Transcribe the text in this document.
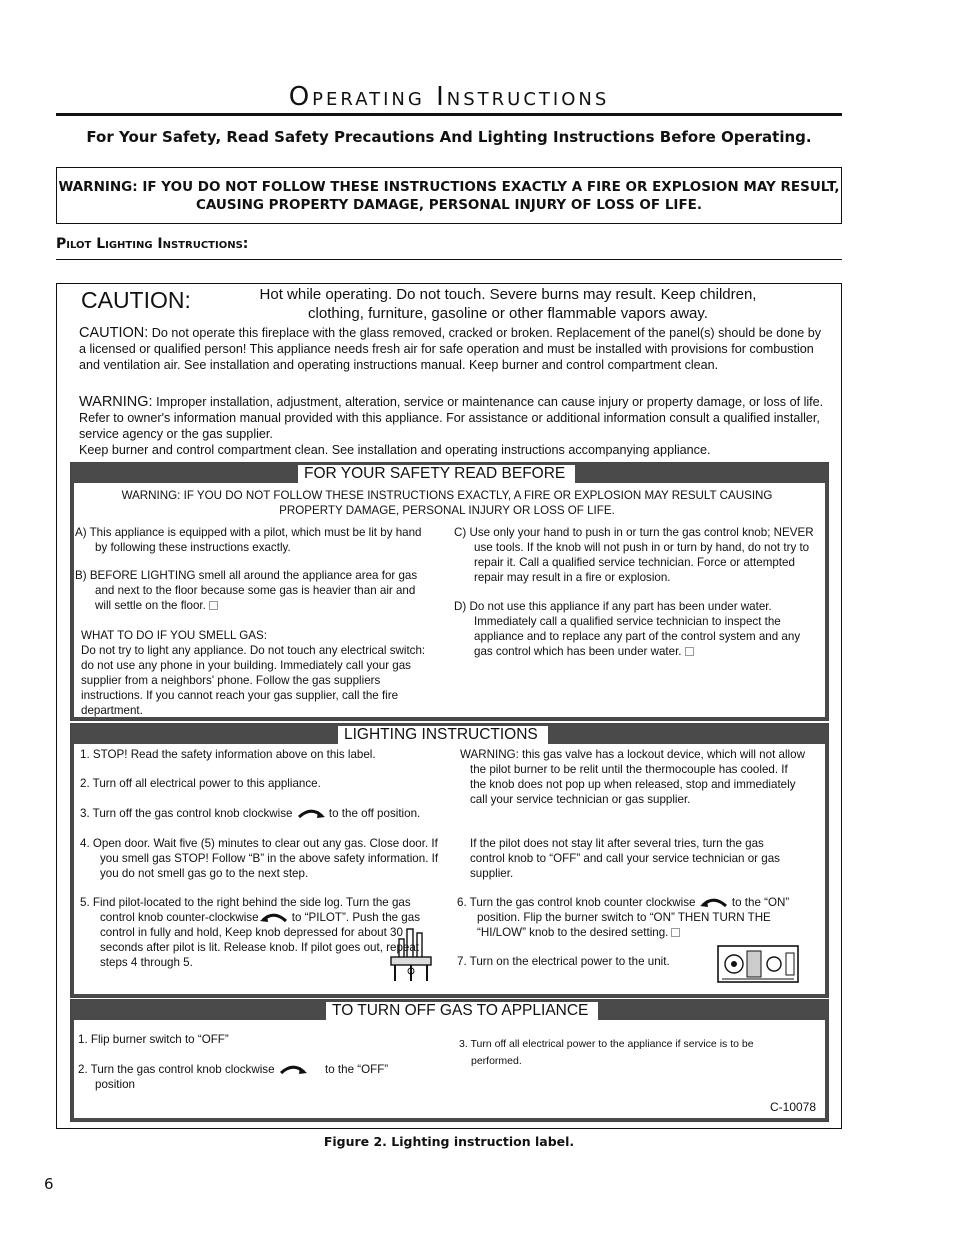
Operating Instructions
For Your Safety, Read Safety Precautions And Lighting Instructions Before Operating.
WARNING: IF YOU DO NOT FOLLOW THESE INSTRUCTIONS EXACTLY A FIRE OR EXPLOSION MAY RESULT, CAUSING PROPERTY DAMAGE, PERSONAL INJURY OF LOSS OF LIFE.
Pilot Lighting Instructions:
CAUTION:	Hot while operating. Do not touch. Severe burns may result. Keep children, clothing, furniture, gasoline or other flammable vapors away.
CAUTION: Do not operate this fireplace with the glass removed, cracked or broken. Replacement of the panel(s) should be done by a licensed or qualified person! This appliance needs fresh air for safe operation and must be installed with provisions for combustion and ventilation air. See installation and operating instructions manual. Keep burner and control compartment clean.
WARNING: Improper installation, adjustment, alteration, service or maintenance can cause injury or property damage, or loss of life. Refer to owner's information manual provided with this appliance. For assistance or additional information consult a qualified installer, service agency or the gas supplier.
Keep burner and control compartment clean. See installation and operating instructions accompanying appliance.
FOR YOUR SAFETY READ BEFORE
WARNING: IF YOU DO NOT FOLLOW THESE INSTRUCTIONS EXACTLY, A FIRE OR EXPLOSION MAY RESULT CAUSING PROPERTY DAMAGE, PERSONAL INJURY OR LOSS OF LIFE.
A) This appliance is equipped with a pilot, which must be lit by hand by following these instructions exactly.
B) BEFORE LIGHTING smell all around the appliance area for gas and next to the floor because some gas is heavier than air and will settle on the floor.
WHAT TO DO IF YOU SMELL GAS:
Do not try to light any appliance. Do not touch any electrical switch: do not use any phone in your building. Immediately call your gas supplier from a neighbors' phone. Follow the gas suppliers instructions. If you cannot reach your gas supplier, call the fire department.
C) Use only your hand to push in or turn the gas control knob; NEVER use tools. If the knob will not push in or turn by hand, do not try to repair it. Call a qualified service technician. Force or attempted repair may result in a fire or explosion.
D) Do not use this appliance if any part has been under water. Immediately call a qualified service technician to inspect the appliance and to replace any part of the control system and any gas control which has been under water.
LIGHTING INSTRUCTIONS
1. STOP! Read the safety information above on this label.
2. Turn off all electrical power to this appliance.
3. Turn off the gas control knob clockwise	to the off position.
4. Open door. Wait five (5) minutes to clear out any gas. Close door. If you smell gas STOP! Follow “B” in the above safety information. If you do not smell gas go to the next step.
5. Find pilot-located to the right behind the side log. Turn the gas control knob counter-clockwise	to “PILOT”. Push the gas control in fully and hold, Keep knob depressed for about 30 seconds after pilot is lit. Release knob. If pilot goes out, repeat steps 4 through 5.
WARNING: this gas valve has a lockout device, which will not allow the pilot burner to be relit until the thermocouple has cooled. If the knob does not pop up when released, stop and immediately call your service technician or gas supplier.
If the pilot does not stay lit after several tries, turn the gas control knob to “OFF” and call your service technician or gas supplier.
6. Turn the gas control knob counter clockwise	to the “ON” position. Flip the burner switch to “ON” THEN TURN THE “HI/LOW” knob to the desired setting.
7. Turn on the electrical power to the unit.
TO TURN OFF GAS TO APPLIANCE
1. Flip burner switch to “OFF”
2. Turn the gas control knob clockwise	to the “OFF”
position
3. Turn off all electrical power to the appliance if service is to be performed.
C-10078
Figure 2. Lighting instruction label.
6
